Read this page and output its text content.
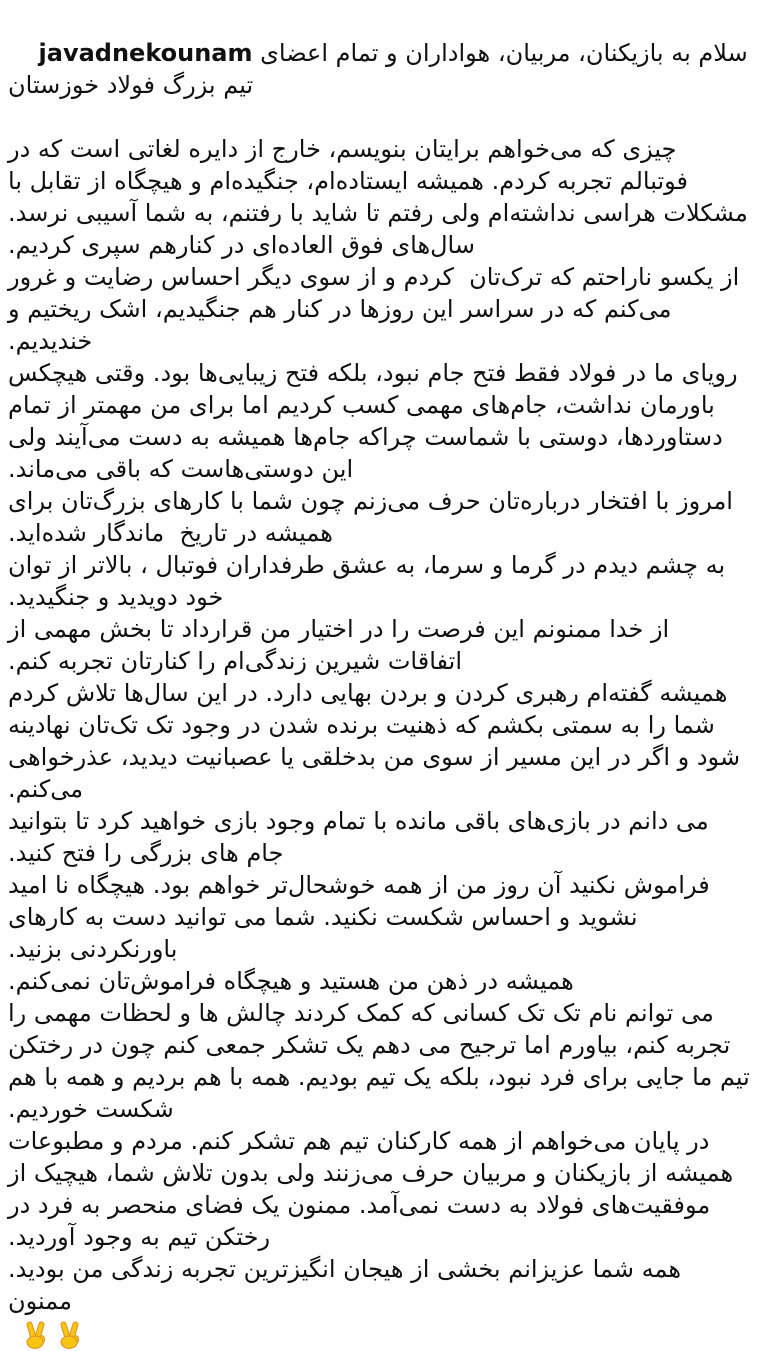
javadnekounam سلام به بازیکنان، مربیان، هواداران و تمام اعضای تیم بزرگ فولاد خوزستان

چیزی که می‌خواهم برایتان بنویسم، خارج از دایره لغاتی است که در فوتبالم تجربه کردم. همیشه ایستاده‌ام، جنگیده‌ام و هیچگاه از تقابل با مشکلات هراسی نداشته‌ام ولی رفتم تا شاید با رفتنم، به شما آسیبی نرسد.
سال‌های فوق العاده‌ای در کنارهم سپری کردیم.
از یکسو ناراحتم که ترک‌تان  کردم و از سوی دیگر احساس رضایت و غرور می‌کنم که در سراسر این روزها در کنار هم جنگیدیم، اشک ریختیم و خندیدیم.
رویای ما در فولاد فقط فتح جام نبود، بلکه فتح زیبایی‌ها بود. وقتی هیچکس باورمان نداشت، جام‌های مهمی کسب کردیم اما برای من مهمتر از تمام دستاوردها، دوستی با شماست چراکه جام‌ها همیشه به دست می‌آیند ولی این دوستی‌هاست که باقی می‌ماند.
امروز با افتخار درباره‌تان حرف می‌زنم چون شما با کارهای بزرگ‌تان برای همیشه در تاریخ  ماندگار شده‌اید.
به چشم دیدم در گرما و سرما، به عشق طرفداران فوتبال ، بالاتر از توان خود دویدید و جنگیدید.
از خدا ممنونم این فرصت را در اختیار من قرارداد تا بخش مهمی از اتفاقات شیرین زندگی‌ام را کنارتان تجربه کنم.
همیشه گفته‌ام رهبری کردن و بردن بهایی دارد. در این سال‌ها تلاش کردم شما را به سمتی بکشم که ذهنیت برنده شدن در وجود تک تک‌تان نهادینه شود و اگر در این مسیر از سوی من بدخلقی یا عصبانیت دیدید، عذرخواهی می‌کنم.
می دانم در بازی‌های باقی مانده با تمام وجود بازی خواهید کرد تا بتوانید جام های بزرگی را فتح کنید.
فراموش نکنید آن روز من از همه خوشحال‌تر خواهم بود. هیچگاه نا امید نشوید و احساس شکست نکنید. شما می توانید دست به کارهای باورنکردنی بزنید.
همیشه در ذهن من هستید و هیچگاه فراموش‌تان نمی‌کنم.
می توانم نام تک تک کسانی که کمک کردند چالش ها و لحظات مهمی را تجربه کنم، بیاورم اما ترجیح می دهم یک تشکر جمعی کنم چون در رختکن تیم ما جایی برای فرد نبود، بلکه یک تیم بودیم. همه با هم بردیم و همه با هم شکست خوردیم.
در پایان می‌خواهم از همه کارکنان تیم هم تشکر کنم. مردم و مطبوعات همیشه از بازیکنان و مربیان حرف می‌زنند ولی بدون تلاش شما، هیچیک از موفقیت‌های فولاد به دست نمی‌آمد. ممنون یک فضای منحصر به فرد در رختکن تیم به وجود آوردید.
همه شما عزیزانم بخشی از هیجان انگیزترین تجربه زندگی من بودید.
ممنون
